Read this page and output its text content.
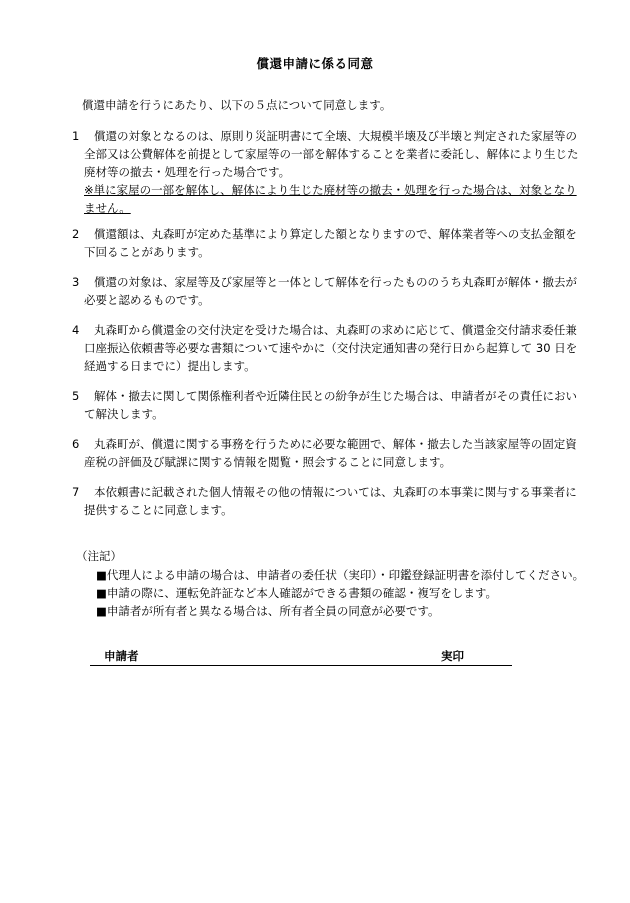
償還申請に係る同意
償還申請を行うにあたり、以下の５点について同意します。
1	償還の対象となるのは、原則り災証明書にて全壊、大規模半壊及び半壊と判定された家屋等の全部又は公費解体を前提として家屋等の一部を解体することを業者に委託し、解体により生じた廃材等の撤去・処理を行った場合です。
※単に家屋の一部を解体し、解体により生じた廃材等の撤去・処理を行った場合は、対象となりません。
2	償還額は、丸森町が定めた基準により算定した額となりますので、解体業者等への支払金額を下回ることがあります。
3	償還の対象は、家屋等及び家屋等と一体として解体を行ったもののうち丸森町が解体・撤去が必要と認めるものです。
4	丸森町から償還金の交付決定を受けた場合は、丸森町の求めに応じて、償還金交付請求委任兼口座振込依頼書等必要な書類について速やかに（交付決定通知書の発行日から起算して 30 日を経過する日までに）提出します。
5	解体・撤去に関して関係権利者や近隣住民との紛争が生じた場合は、申請者がその責任において解決します。
6	丸森町が、償還に関する事務を行うために必要な範囲で、解体・撤去した当該家屋等の固定資産税の評価及び賦課に関する情報を閲覧・照会することに同意します。
7	本依頼書に記載された個人情報その他の情報については、丸森町の本事業に関与する事業者に提供することに同意します。
（注記）
■代理人による申請の場合は、申請者の委任状（実印）・印鑑登録証明書を添付してください。
■申請の際に、運転免許証など本人確認ができる書類の確認・複写をします。
■申請者が所有者と異なる場合は、所有者全員の同意が必要です。
申請者	実印
